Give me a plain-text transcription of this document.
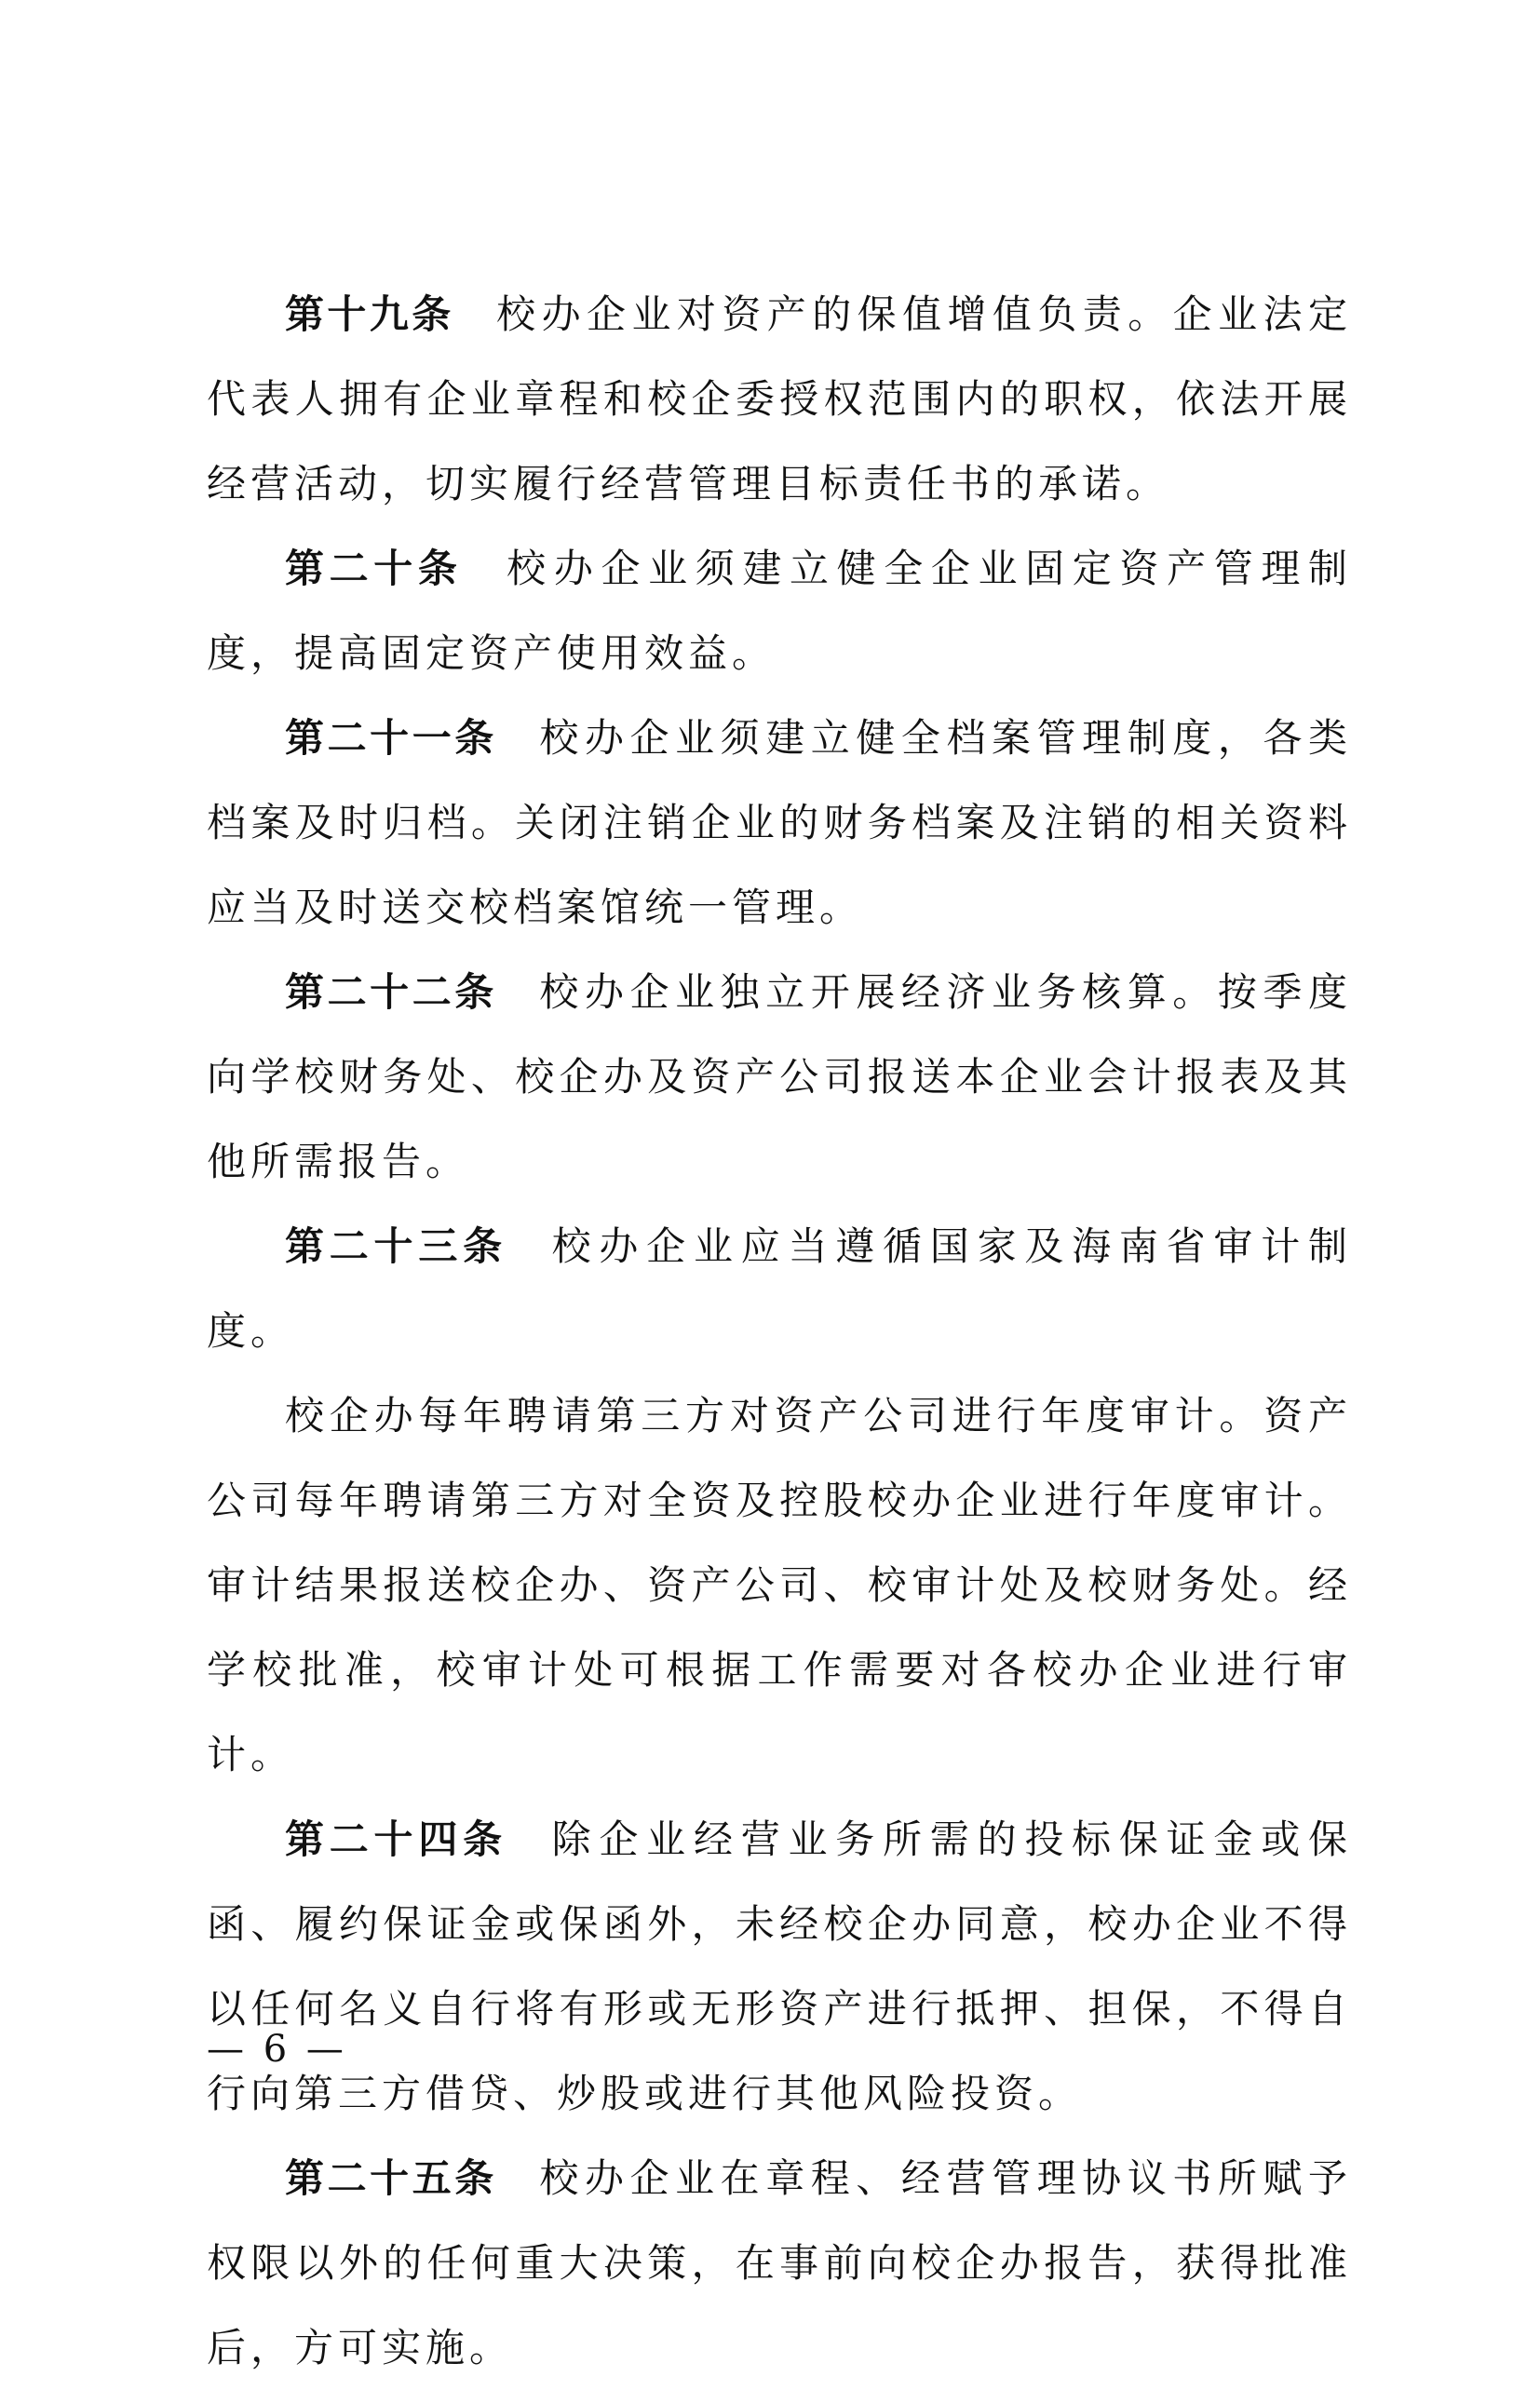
第十九条 校办企业对资产的保值增值负责。企业法定代表人拥有企业章程和校企委授权范围内的职权，依法开展经营活动，切实履行经营管理目标责任书的承诺。

第二十条 校办企业须建立健全企业固定资产管理制度，提高固定资产使用效益。

第二十一条 校办企业须建立健全档案管理制度，各类档案及时归档。关闭注销企业的财务档案及注销的相关资料应当及时送交校档案馆统一管理。

第二十二条 校办企业独立开展经济业务核算。按季度向学校财务处、校企办及资产公司报送本企业会计报表及其他所需报告。

第二十三条 校办企业应当遵循国家及海南省审计制度。

校企办每年聘请第三方对资产公司进行年度审计。资产公司每年聘请第三方对全资及控股校办企业进行年度审计。审计结果报送校企办、资产公司、校审计处及校财务处。经学校批准，校审计处可根据工作需要对各校办企业进行审计。

第二十四条 除企业经营业务所需的投标保证金或保函、履约保证金或保函外，未经校企办同意，校办企业不得以任何名义自行将有形或无形资产进行抵押、担保，不得自行向第三方借贷、炒股或进行其他风险投资。

第二十五条 校办企业在章程、经营管理协议书所赋予权限以外的任何重大决策，在事前向校企办报告，获得批准后，方可实施。

— 6 —
